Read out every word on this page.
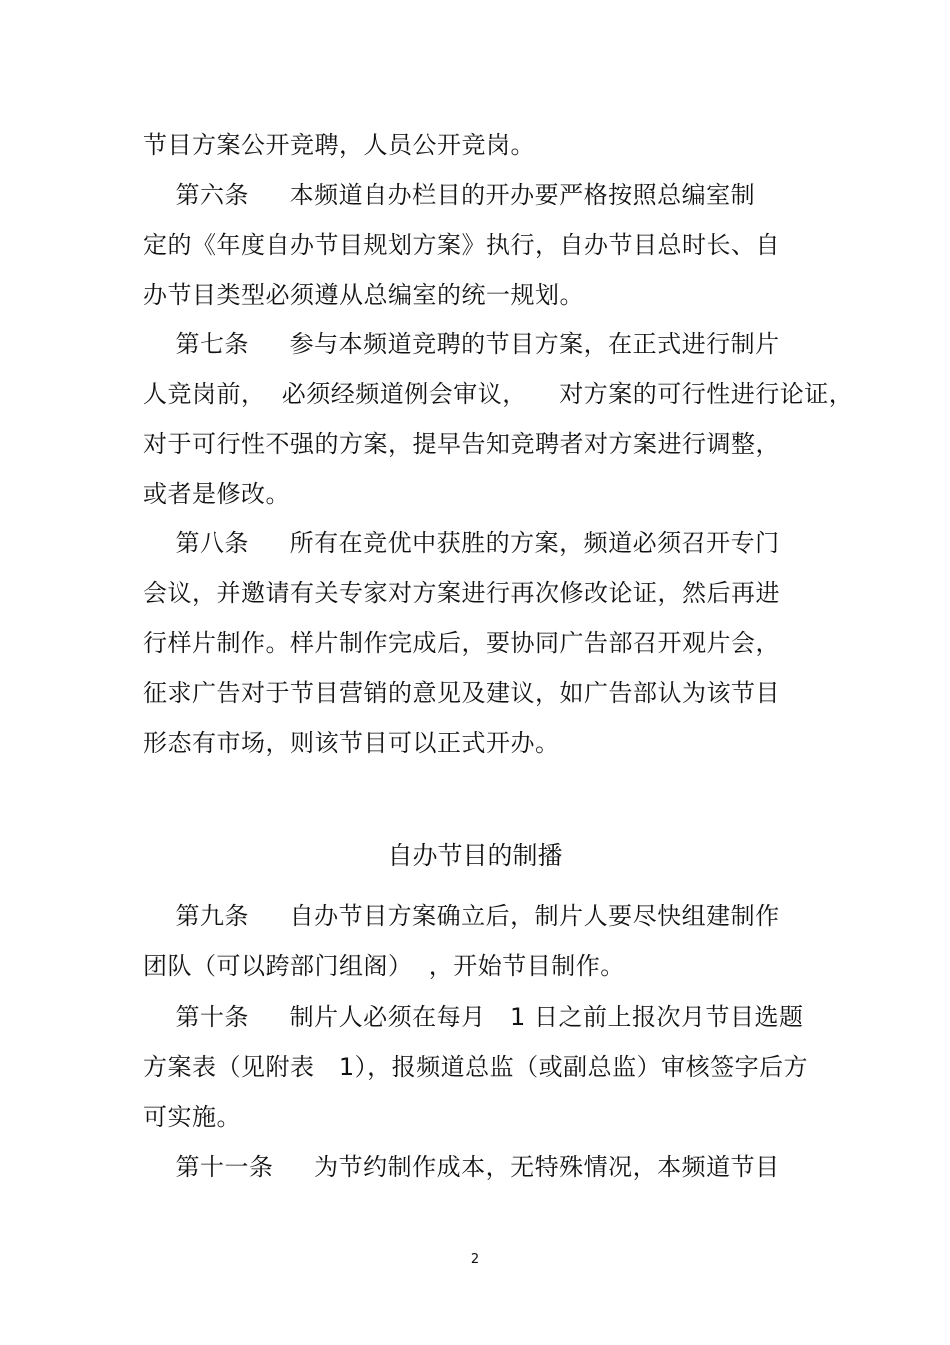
节目方案公开竞聘，人员公开竞岗。
第六条     本频道自办栏目的开办要严格按照总编室制
定的《年度自办节目规划方案》执行，自办节目总时长、自
办节目类型必须遵从总编室的统一规划。
第七条     参与本频道竞聘的节目方案，在正式进行制片
人竞岗前，  必须经频道例会审议，    对方案的可行性进行论证，
对于可行性不强的方案，提早告知竞聘者对方案进行调整，
或者是修改。
第八条     所有在竞优中获胜的方案，频道必须召开专门
会议，并邀请有关专家对方案进行再次修改论证，然后再进
行样片制作。样片制作完成后，要协同广告部召开观片会，
征求广告对于节目营销的意见及建议，如广告部认为该节目
形态有市场，则该节目可以正式开办。
自办节目的制播
第九条     自办节目方案确立后，制片人要尽快组建制作
团队（可以跨部门组阁）  ，开始节目制作。
第十条     制片人必须在每月   1 日之前上报次月节目选题
方案表（见附表   1），报频道总监（或副总监）审核签字后方
可实施。
第十一条     为节约制作成本，无特殊情况，本频道节目
2
